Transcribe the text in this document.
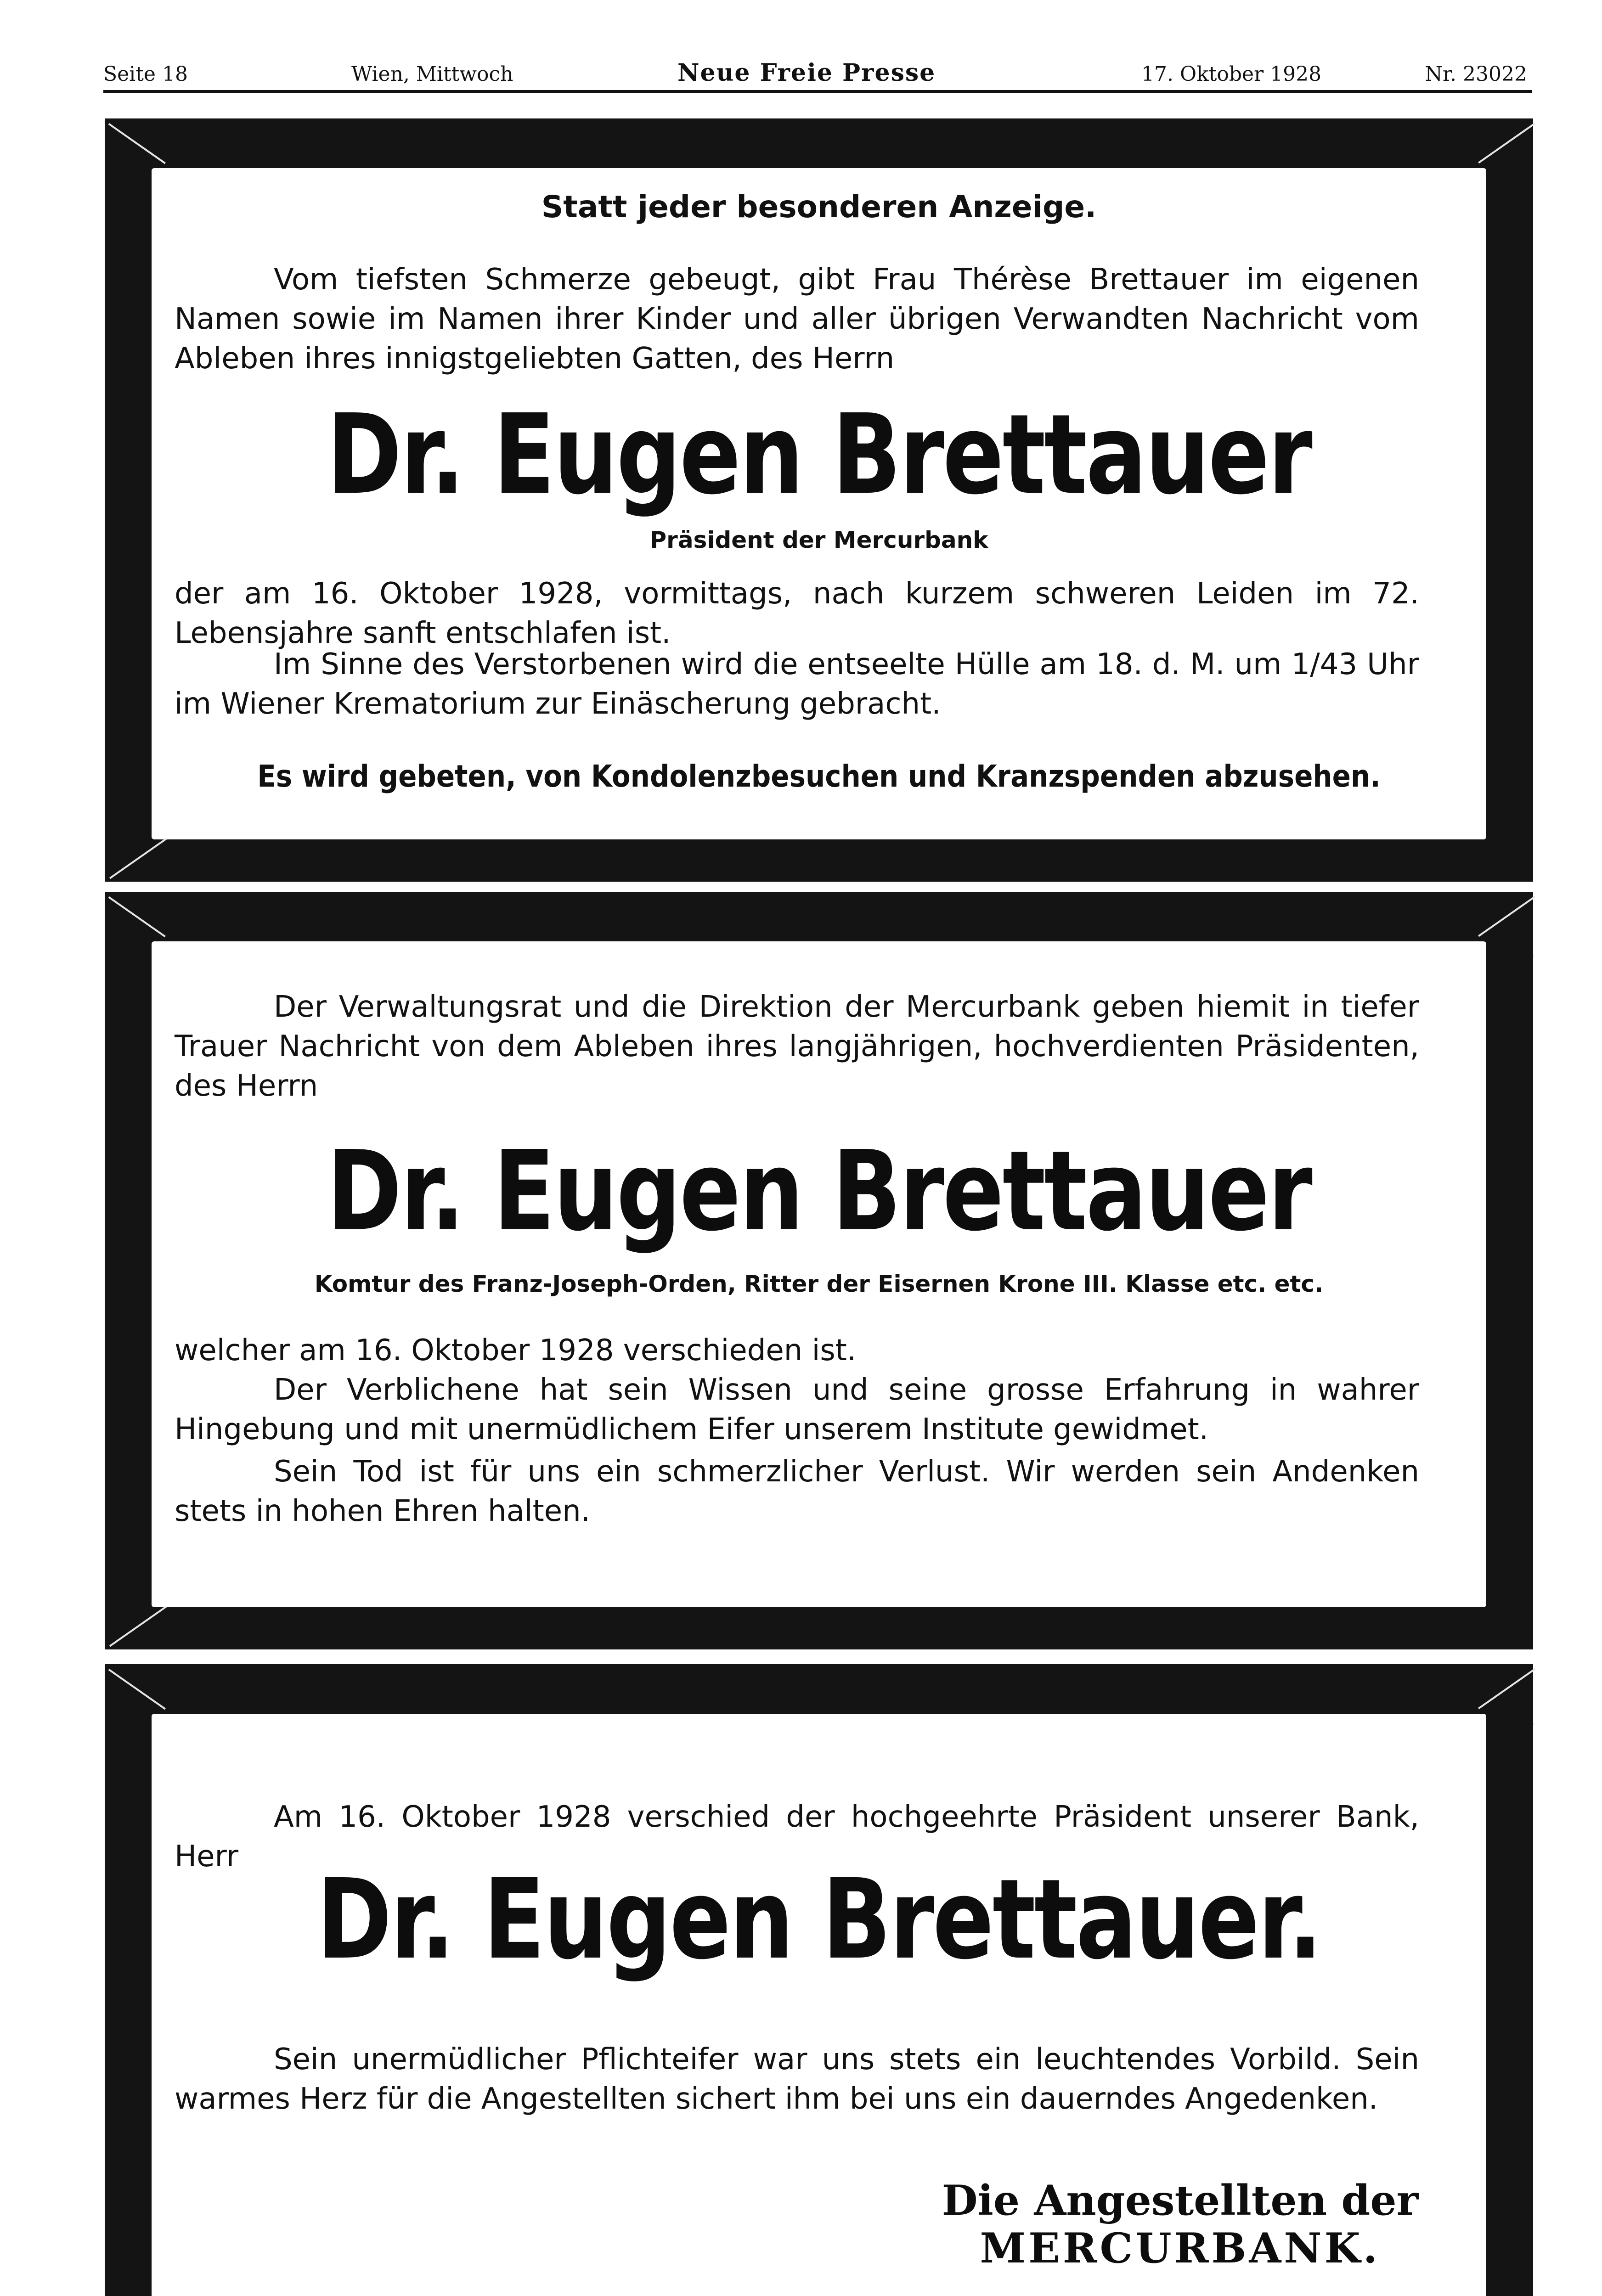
Seite 18	Wien, Mittwoch	Neue Freie Presse	17. Oktober 1928	Nr. 23022
Statt jeder besonderen Anzeige.
Vom tiefsten Schmerze gebeugt, gibt Frau Thérèse Brettauer im eigenen Namen sowie im Namen ihrer Kinder und aller übrigen Verwandten Nachricht vom Ableben ihres innigstgeliebten Gatten, des Herrn
Dr. Eugen Brettauer
Präsident der Mercurbank
der am 16. Oktober 1928, vormittags, nach kurzem schweren Leiden im 72. Lebensjahre sanft entschlafen ist.
Im Sinne des Verstorbenen wird die entseelte Hülle am 18. d. M. um 1/43 Uhr im Wiener Krematorium zur Einäscherung gebracht.
Es wird gebeten, von Kondolenzbesuchen und Kranzspenden abzusehen.
Der Verwaltungsrat und die Direktion der Mercurbank geben hiemit in tiefer Trauer Nachricht von dem Ableben ihres langjährigen, hochverdienten Präsidenten, des Herrn
Dr. Eugen Brettauer
Komtur des Franz-Joseph-Orden, Ritter der Eisernen Krone III. Klasse etc. etc.
welcher am 16. Oktober 1928 verschieden ist.
Der Verblichene hat sein Wissen und seine grosse Erfahrung in wahrer Hingebung und mit unermüdlichem Eifer unserem Institute gewidmet.
Sein Tod ist für uns ein schmerzlicher Verlust. Wir werden sein Andenken stets in hohen Ehren halten.
Am 16. Oktober 1928 verschied der hochgeehrte Präsident unserer Bank, Herr Dr. Eugen Brettauer.
Sein unermüdlicher Pflichteifer war uns stets ein leuchtendes Vorbild. Sein warmes Herz für die Angestellten sichert ihm bei uns ein dauerndes Angedenken.
Die Angestellten der
MERCURBANK.
